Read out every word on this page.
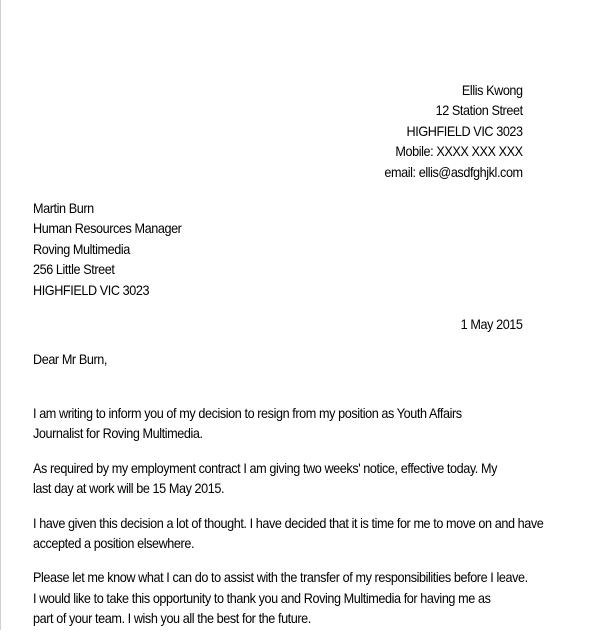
Ellis Kwong
12 Station Street
HIGHFIELD VIC 3023
Mobile: XXXX XXX XXX
email: ellis@asdfghjkl.com
Martin Burn
Human Resources Manager
Roving Multimedia
256 Little Street
HIGHFIELD VIC 3023
1 May 2015
Dear Mr Burn,

I am writing to inform you of my decision to resign from my position as Youth Affairs
Journalist for Roving Multimedia.

As required by my employment contract I am giving two weeks' notice, effective today. My
last day at work will be 15 May 2015.

I have given this decision a lot of thought. I have decided that it is time for me to move on and have
accepted a position elsewhere.

Please let me know what I can do to assist with the transfer of my responsibilities before I leave.
I would like to take this opportunity to thank you and Roving Multimedia for having me as
part of your team. I wish you all the best for the future.
